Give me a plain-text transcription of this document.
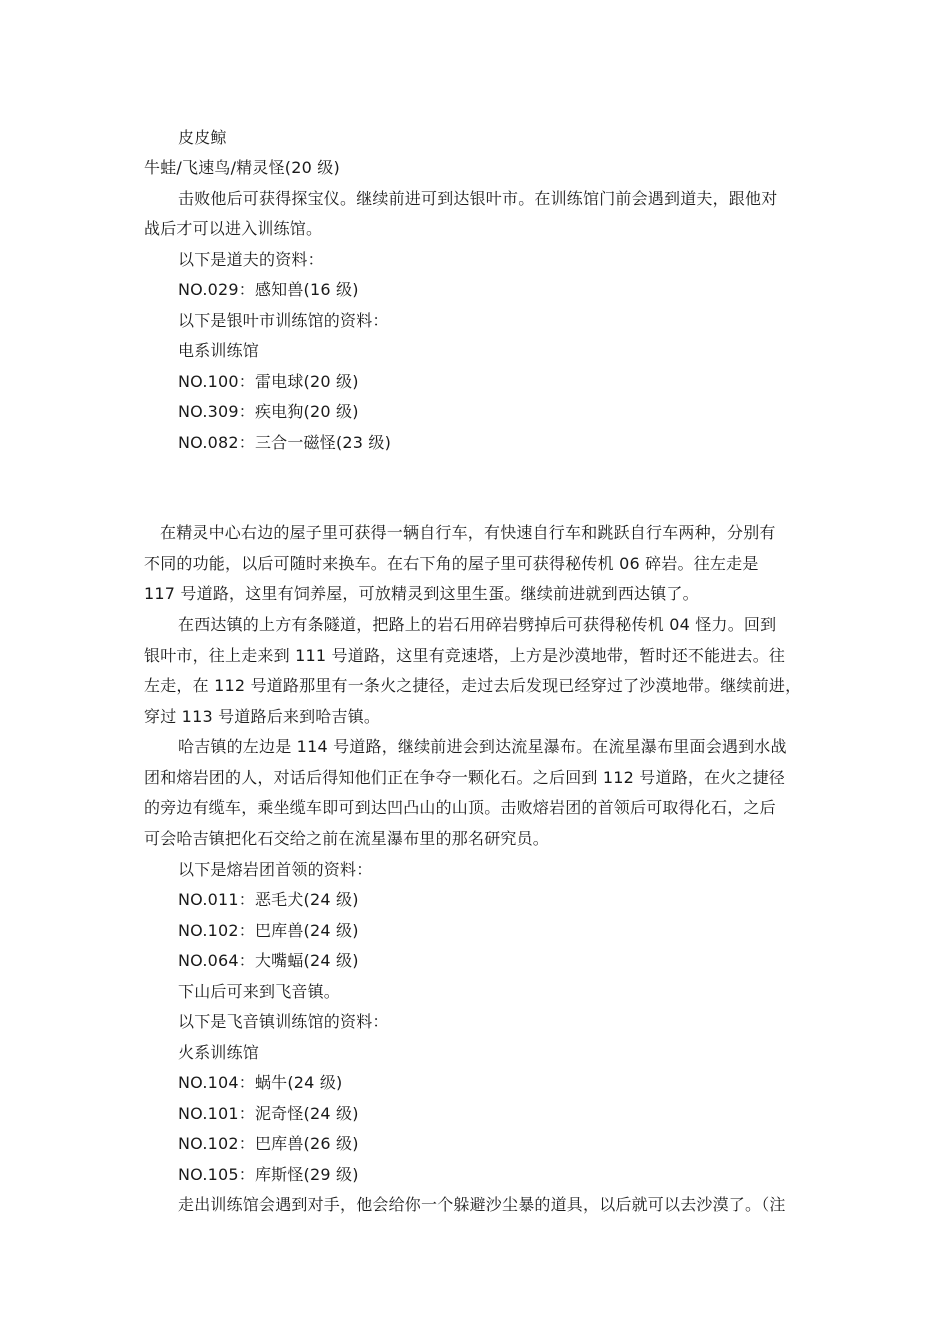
皮皮鲸
牛蛙/飞速鸟/精灵怪(20 级)
击败他后可获得探宝仪。继续前进可到达银叶市。在训练馆门前会遇到道夫，跟他对
战后才可以进入训练馆。
以下是道夫的资料：
NO.029：感知兽(16 级)
以下是银叶市训练馆的资料：
电系训练馆
NO.100：雷电球(20 级)
NO.309：疾电狗(20 级)
NO.082：三合一磁怪(23 级)
在精灵中心右边的屋子里可获得一辆自行车，有快速自行车和跳跃自行车两种，分别有
不同的功能，以后可随时来换车。在右下角的屋子里可获得秘传机 06 碎岩。往左走是
117 号道路，这里有饲养屋，可放精灵到这里生蛋。继续前进就到西达镇了。
在西达镇的上方有条隧道，把路上的岩石用碎岩劈掉后可获得秘传机 04 怪力。回到
银叶市，往上走来到 111 号道路，这里有竞速塔，上方是沙漠地带，暂时还不能进去。往
左走，在 112 号道路那里有一条火之捷径，走过去后发现已经穿过了沙漠地带。继续前进，
穿过 113 号道路后来到哈吉镇。
哈吉镇的左边是 114 号道路，继续前进会到达流星瀑布。在流星瀑布里面会遇到水战
团和熔岩团的人，对话后得知他们正在争夺一颗化石。之后回到 112 号道路，在火之捷径
的旁边有缆车，乘坐缆车即可到达凹凸山的山顶。击败熔岩团的首领后可取得化石，之后
可会哈吉镇把化石交给之前在流星瀑布里的那名研究员。
以下是熔岩团首领的资料：
NO.011：恶毛犬(24 级)
NO.102：巴库兽(24 级)
NO.064：大嘴蝠(24 级)
下山后可来到飞音镇。
以下是飞音镇训练馆的资料：
火系训练馆
NO.104：蜗牛(24 级)
NO.101：泥奇怪(24 级)
NO.102：巴库兽(26 级)
NO.105：库斯怪(29 级)
走出训练馆会遇到对手，他会给你一个躲避沙尘暴的道具，以后就可以去沙漠了。（注
